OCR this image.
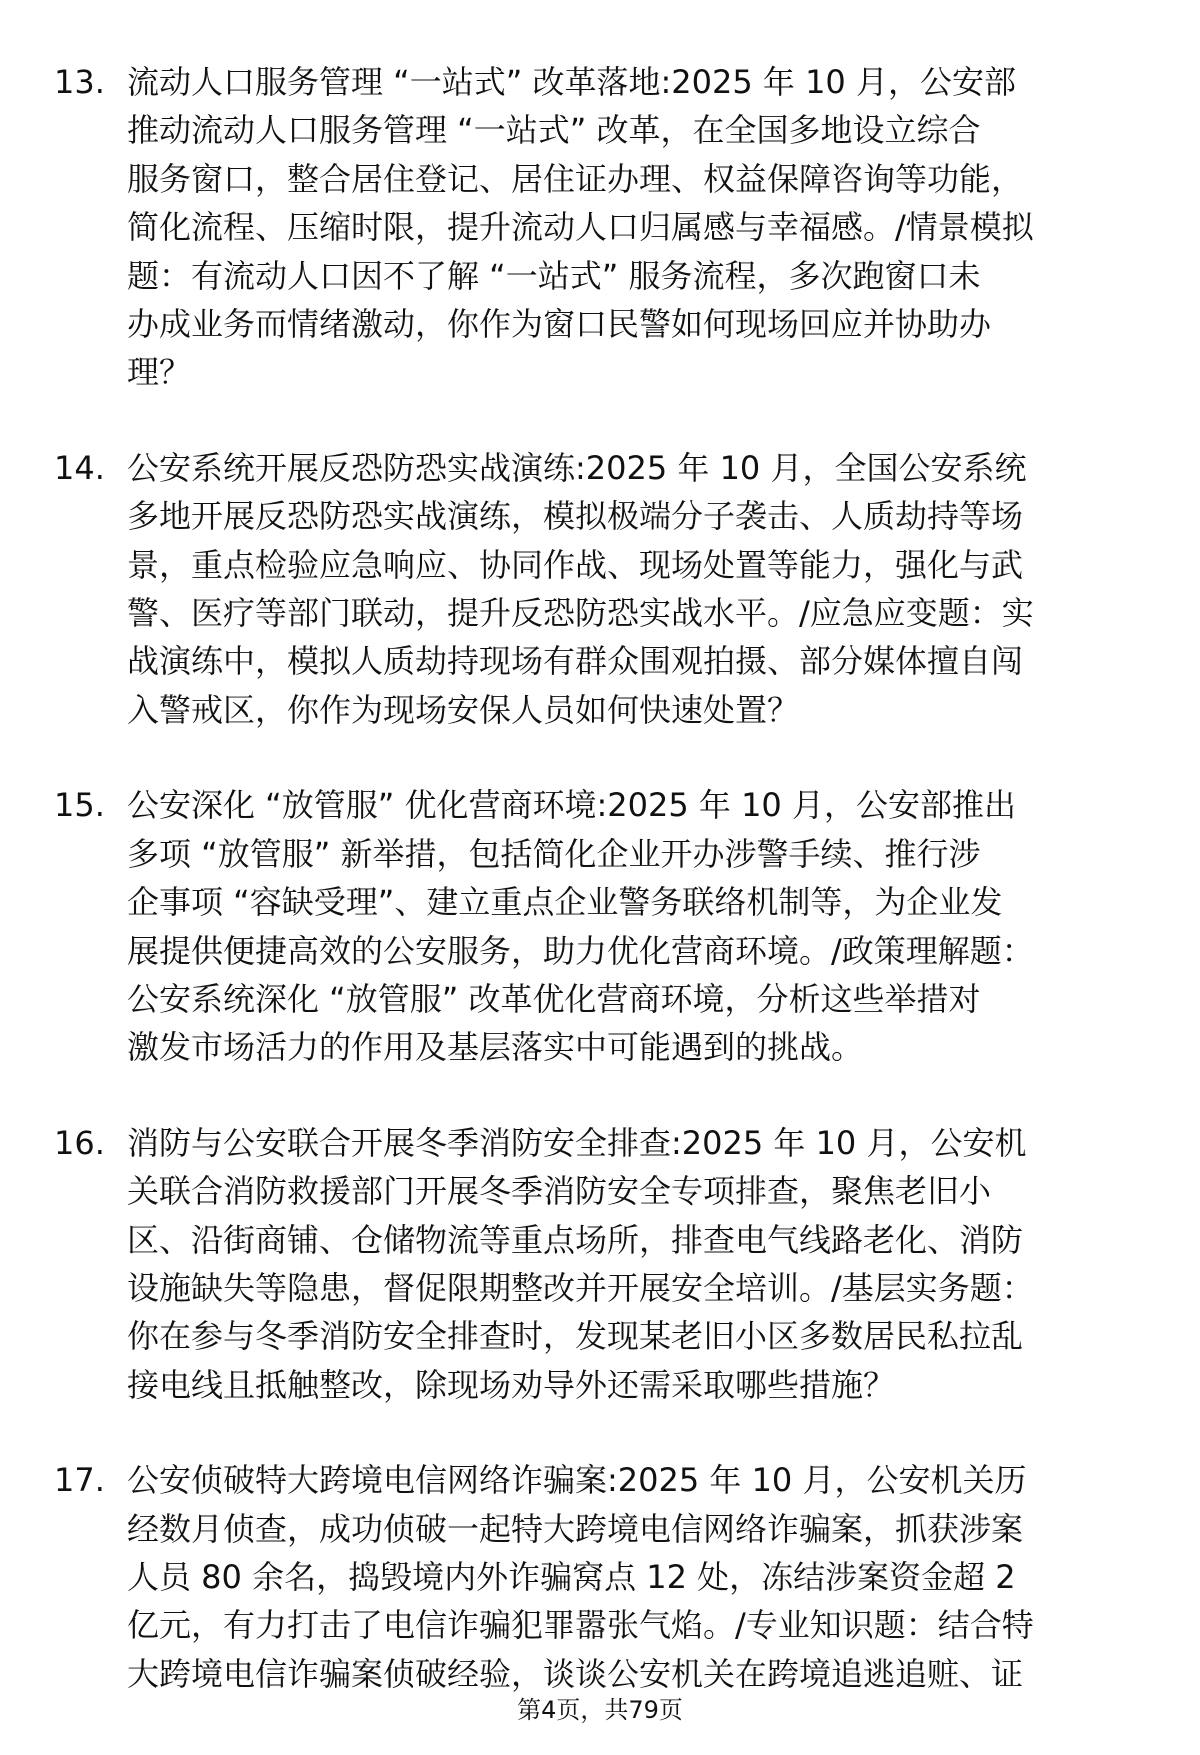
13. 流动人口服务管理 “一站式” 改革落地:2025 年 10 月，公安部
推动流动人口服务管理 “一站式” 改革，在全国多地设立综合
服务窗口，整合居住登记、居住证办理、权益保障咨询等功能，
简化流程、压缩时限，提升流动人口归属感与幸福感。/情景模拟
题：有流动人口因不了解 “一站式” 服务流程，多次跑窗口未
办成业务而情绪激动，你作为窗口民警如何现场回应并协助办
理？
14. 公安系统开展反恐防恐实战演练:2025 年 10 月，全国公安系统
多地开展反恐防恐实战演练，模拟极端分子袭击、人质劫持等场
景，重点检验应急响应、协同作战、现场处置等能力，强化与武
警、医疗等部门联动，提升反恐防恐实战水平。/应急应变题：实
战演练中，模拟人质劫持现场有群众围观拍摄、部分媒体擅自闯
入警戒区，你作为现场安保人员如何快速处置？
15. 公安深化 “放管服” 优化营商环境:2025 年 10 月，公安部推出
多项 “放管服” 新举措，包括简化企业开办涉警手续、推行涉
企事项 “容缺受理”、建立重点企业警务联络机制等，为企业发
展提供便捷高效的公安服务，助力优化营商环境。/政策理解题：
公安系统深化 “放管服” 改革优化营商环境，分析这些举措对
激发市场活力的作用及基层落实中可能遇到的挑战。
16. 消防与公安联合开展冬季消防安全排查:2025 年 10 月，公安机
关联合消防救援部门开展冬季消防安全专项排查，聚焦老旧小
区、沿街商铺、仓储物流等重点场所，排查电气线路老化、消防
设施缺失等隐患，督促限期整改并开展安全培训。/基层实务题：
你在参与冬季消防安全排查时，发现某老旧小区多数居民私拉乱
接电线且抵触整改，除现场劝导外还需采取哪些措施？
17. 公安侦破特大跨境电信网络诈骗案:2025 年 10 月，公安机关历
经数月侦查，成功侦破一起特大跨境电信网络诈骗案，抓获涉案
人员 80 余名，捣毁境内外诈骗窝点 12 处，冻结涉案资金超 2
亿元，有力打击了电信诈骗犯罪嚣张气焰。/专业知识题：结合特
大跨境电信诈骗案侦破经验，谈谈公安机关在跨境追逃追赃、证
第4页，共79页
